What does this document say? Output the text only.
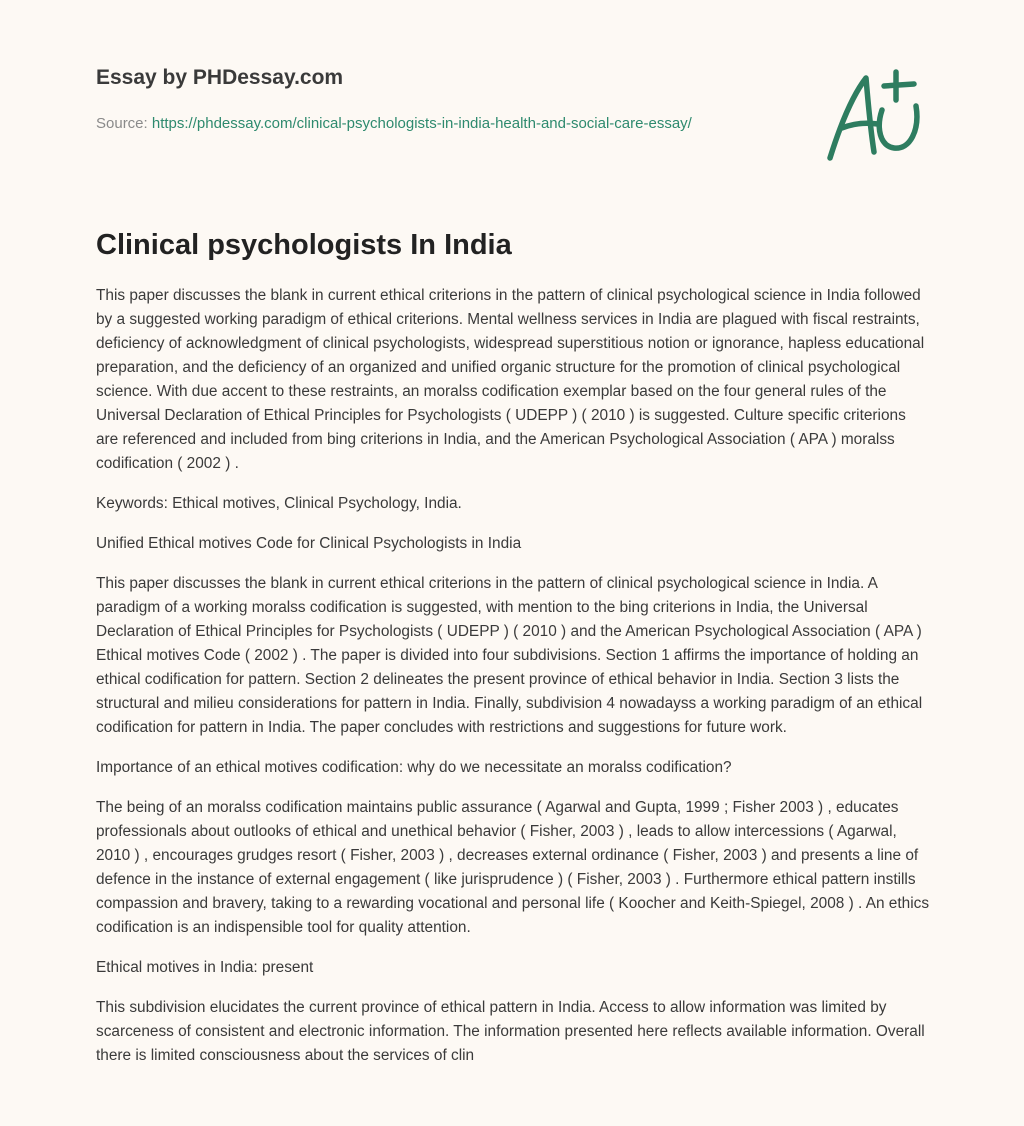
Essay by PHDessay.com
Source: https://phdessay.com/clinical-psychologists-in-india-health-and-social-care-essay/
Clinical psychologists In India

This paper discusses the blank in current ethical criterions in the pattern of clinical psychological science in India followed by a suggested working paradigm of ethical criterions. Mental wellness services in India are plagued with fiscal restraints, deficiency of acknowledgment of clinical psychologists, widespread superstitious notion or ignorance, hapless educational preparation, and the deficiency of an organized and unified organic structure for the promotion of clinical psychological science. With due accent to these restraints, an moralss codification exemplar based on the four general rules of the Universal Declaration of Ethical Principles for Psychologists ( UDEPP ) ( 2010 ) is suggested. Culture specific criterions are referenced and included from bing criterions in India, and the American Psychological Association ( APA ) moralss codification ( 2002 ) .

Keywords: Ethical motives, Clinical Psychology, India.

Unified Ethical motives Code for Clinical Psychologists in India

This paper discusses the blank in current ethical criterions in the pattern of clinical psychological science in India. A paradigm of a working moralss codification is suggested, with mention to the bing criterions in India, the Universal Declaration of Ethical Principles for Psychologists ( UDEPP ) ( 2010 ) and the American Psychological Association ( APA ) Ethical motives Code ( 2002 ) . The paper is divided into four subdivisions. Section 1 affirms the importance of holding an ethical codification for pattern. Section 2 delineates the present province of ethical behavior in India. Section 3 lists the structural and milieu considerations for pattern in India. Finally, subdivision 4 nowadayss a working paradigm of an ethical codification for pattern in India. The paper concludes with restrictions and suggestions for future work.

Importance of an ethical motives codification: why do we necessitate an moralss codification?

The being of an moralss codification maintains public assurance ( Agarwal and Gupta, 1999 ; Fisher 2003 ) , educates professionals about outlooks of ethical and unethical behavior ( Fisher, 2003 ) , leads to allow intercessions ( Agarwal, 2010 ) , encourages grudges resort ( Fisher, 2003 ) , decreases external ordinance ( Fisher, 2003 ) and presents a line of defence in the instance of external engagement ( like jurisprudence ) ( Fisher, 2003 ) . Furthermore ethical pattern instills compassion and bravery, taking to a rewarding vocational and personal life ( Koocher and Keith-Spiegel, 2008 ) . An ethics codification is an indispensible tool for quality attention.

Ethical motives in India: present

This subdivision elucidates the current province of ethical pattern in India. Access to allow information was limited by scarceness of consistent and electronic information. The information presented here reflects available information. Overall there is limited consciousness about the services of clin
